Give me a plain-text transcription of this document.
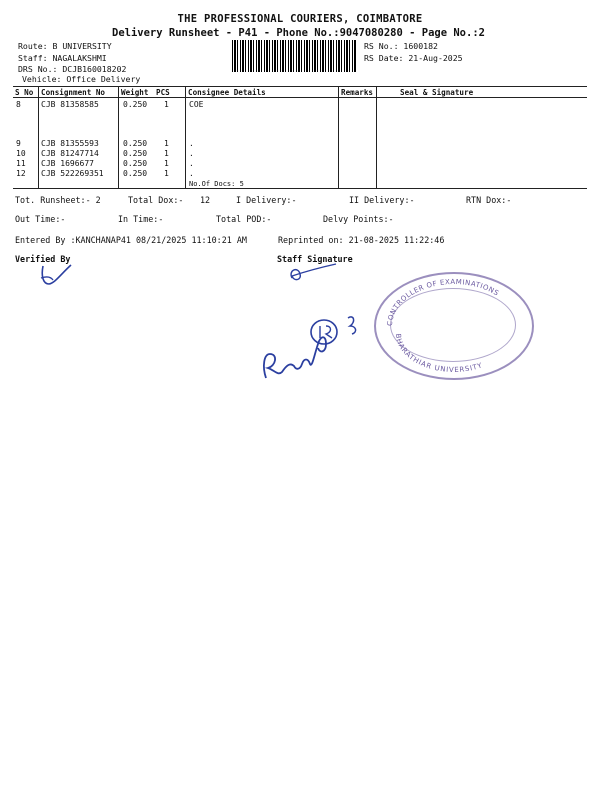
THE PROFESSIONAL COURIERS, COIMBATORE
Delivery Runsheet - P41 - Phone No.:9047080280 - Page No.:2
Route: B UNIVERSITY
Staff: NAGALAKSHMI
DRS No.: DCJB160018202
Vehicle: Office Delivery
RS No.: 1600182
RS Date: 21-Aug-2025
S No Consignment No Weight PCS Consignee Details	Remarks	Seal & Signature
8	CJB 81358585	0.250 1	COE
9	CJB 81355593	0.250 1	.
10 CJB 81247714	0.250 1	.
11 CJB 1696677	0.250 1	.
12 CJB 522269351 0.250 1	.
No.Of Docs: 5
Tot. Runsheet:- 2	Total Dox:- 12	I Delivery:-	II Delivery:-	RTN Dox:-
Out Time:-	In Time:-	Total POD:-	Delvy Points:-
Entered By :KANCHANAP41 08/21/2025 11:10:21 AM	Reprinted on: 21-08-2025 11:22:46
Verified By	Staff Signature
CONTROLLER OF EXAMINATIONS
BHARATHIAR UNIVERSITY
